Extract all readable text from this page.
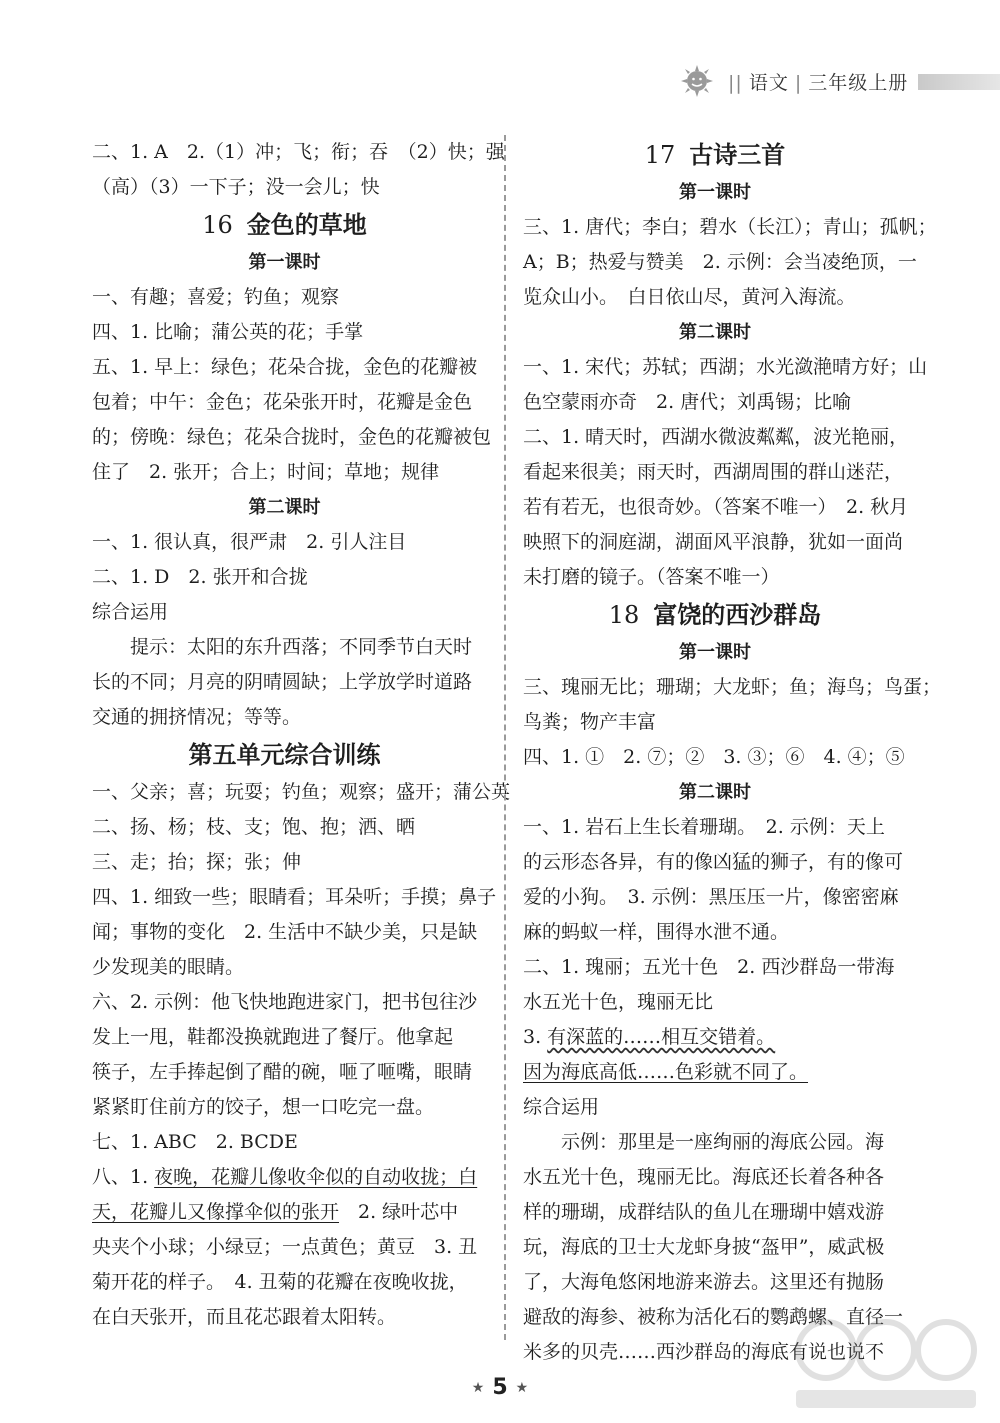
|| 语文 | 三年级上册
二、1. A　2.（1）冲；飞；衔；吞　（2）快；强
（高）（3）一下子；没一会儿；快
16 金色的草地
第一课时
一、有趣；喜爱；钓鱼；观察
四、1. 比喻；蒲公英的花；手掌
五、1. 早上：绿色；花朵合拢，金色的花瓣被
包着；中午：金色；花朵张开时，花瓣是金色
的；傍晚：绿色；花朵合拢时，金色的花瓣被包
住了　2. 张开；合上；时间；草地；规律
第二课时
一、1. 很认真，很严肃　2. 引人注目
二、1. D　2. 张开和合拢
综合运用
提示：太阳的东升西落；不同季节白天时
长的不同；月亮的阴晴圆缺；上学放学时道路
交通的拥挤情况；等等。
第五单元综合训练
一、父亲；喜；玩耍；钓鱼；观察；盛开；蒲公英
二、扬、杨；枝、支；饱、抱；洒、晒
三、走；抬；探；张；伸
四、1. 细致一些；眼睛看；耳朵听；手摸；鼻子
闻；事物的变化　2. 生活中不缺少美，只是缺
少发现美的眼睛。
六、2. 示例：他飞快地跑进家门，把书包往沙
发上一甩，鞋都没换就跑进了餐厅。他拿起
筷子，左手捧起倒了醋的碗，咂了咂嘴，眼睛
紧紧盯住前方的饺子，想一口吃完一盘。
七、1. ABC　2. BCDE
八、1. 夜晚，花瓣儿像收伞似的自动收拢；白
天，花瓣儿又像撑伞似的张开　2. 绿叶芯中
央夹个小球；小绿豆；一点黄色；黄豆　3. 丑
菊开花的样子。　4. 丑菊的花瓣在夜晚收拢，
在白天张开，而且花芯跟着太阳转。
17 古诗三首
第一课时
三、1. 唐代；李白；碧水（长江）；青山；孤帆；
A；B；热爱与赞美　2. 示例：会当凌绝顶，一
览众山小。　白日依山尽，黄河入海流。
第二课时
一、1. 宋代；苏轼；西湖；水光潋滟晴方好；山
色空蒙雨亦奇　2. 唐代；刘禹锡；比喻
二、1. 晴天时，西湖水微波粼粼，波光艳丽，
看起来很美；雨天时，西湖周围的群山迷茫，
若有若无，也很奇妙。（答案不唯一）　2. 秋月
映照下的洞庭湖，湖面风平浪静，犹如一面尚
未打磨的镜子。（答案不唯一）
18 富饶的西沙群岛
第一课时
三、瑰丽无比；珊瑚；大龙虾；鱼；海鸟；鸟蛋；
鸟粪；物产丰富
四、1. ①　2. ⑦；②　3. ③；⑥　4. ④；⑤
第二课时
一、1. 岩石上生长着珊瑚。　2. 示例：天上
的云形态各异，有的像凶猛的狮子，有的像可
爱的小狗。　3. 示例：黑压压一片，像密密麻
麻的蚂蚁一样，围得水泄不通。
二、1. 瑰丽；五光十色　2. 西沙群岛一带海
水五光十色，瑰丽无比
3. 有深蓝的……相互交错着。
因为海底高低……色彩就不同了。
综合运用
示例：那里是一座绚丽的海底公园。海
水五光十色，瑰丽无比。海底还长着各种各
样的珊瑚，成群结队的鱼儿在珊瑚中嬉戏游
玩，海底的卫士大龙虾身披“盔甲”，威武极
了，大海龟悠闲地游来游去。这里还有抛肠
避敌的海参、被称为活化石的鹦鹉螺、直径一
米多的贝壳……西沙群岛的海底有说也说不
★ 5 ★
